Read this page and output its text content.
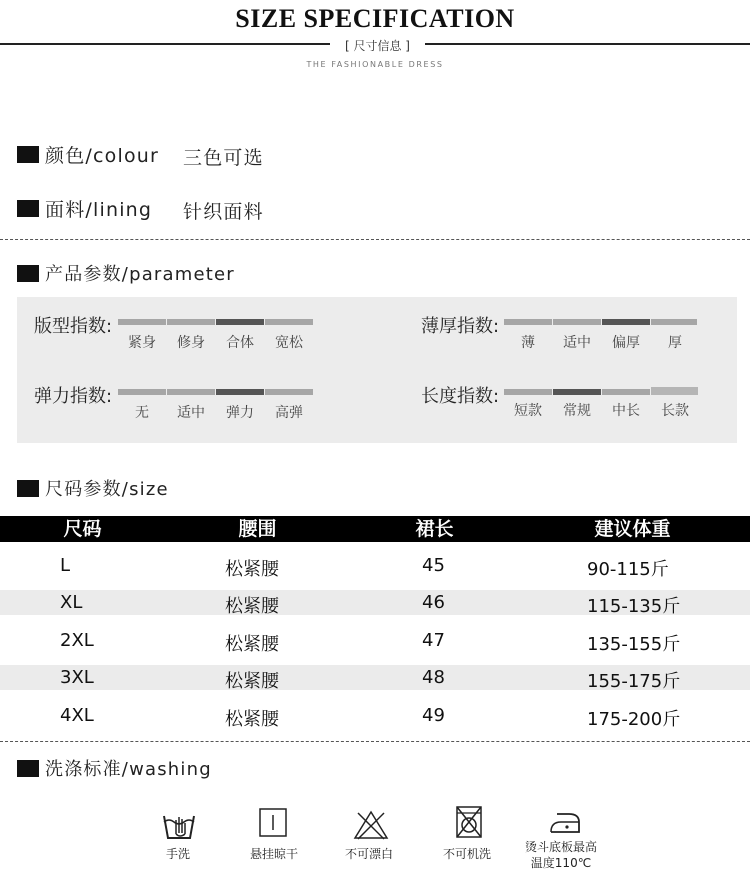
SIZE SPECIFICATION
[ 尺寸信息 ]
THE FASHIONABLE DRESS
颜色/colour 三色可选
面料/lining 针织面料
产品参数/parameter
版型指数:
紧身	修身	合体	宽松
薄厚指数:
薄	适中	偏厚	厚
弹力指数:
无	适中	弹力	高弹
长度指数:
短款	常规	中长	长款
尺码参数/size
尺码	腰围	裙长	建议体重
L	松紧腰	45	90-115斤
XL	松紧腰	46	115-135斤
2XL	松紧腰	47	135-155斤
3XL	松紧腰	48	155-175斤
4XL	松紧腰	49	175-200斤
洗涤标准/washing
手洗	悬挂晾干	不可漂白	不可机洗	烫斗底板最高
温度110℃
